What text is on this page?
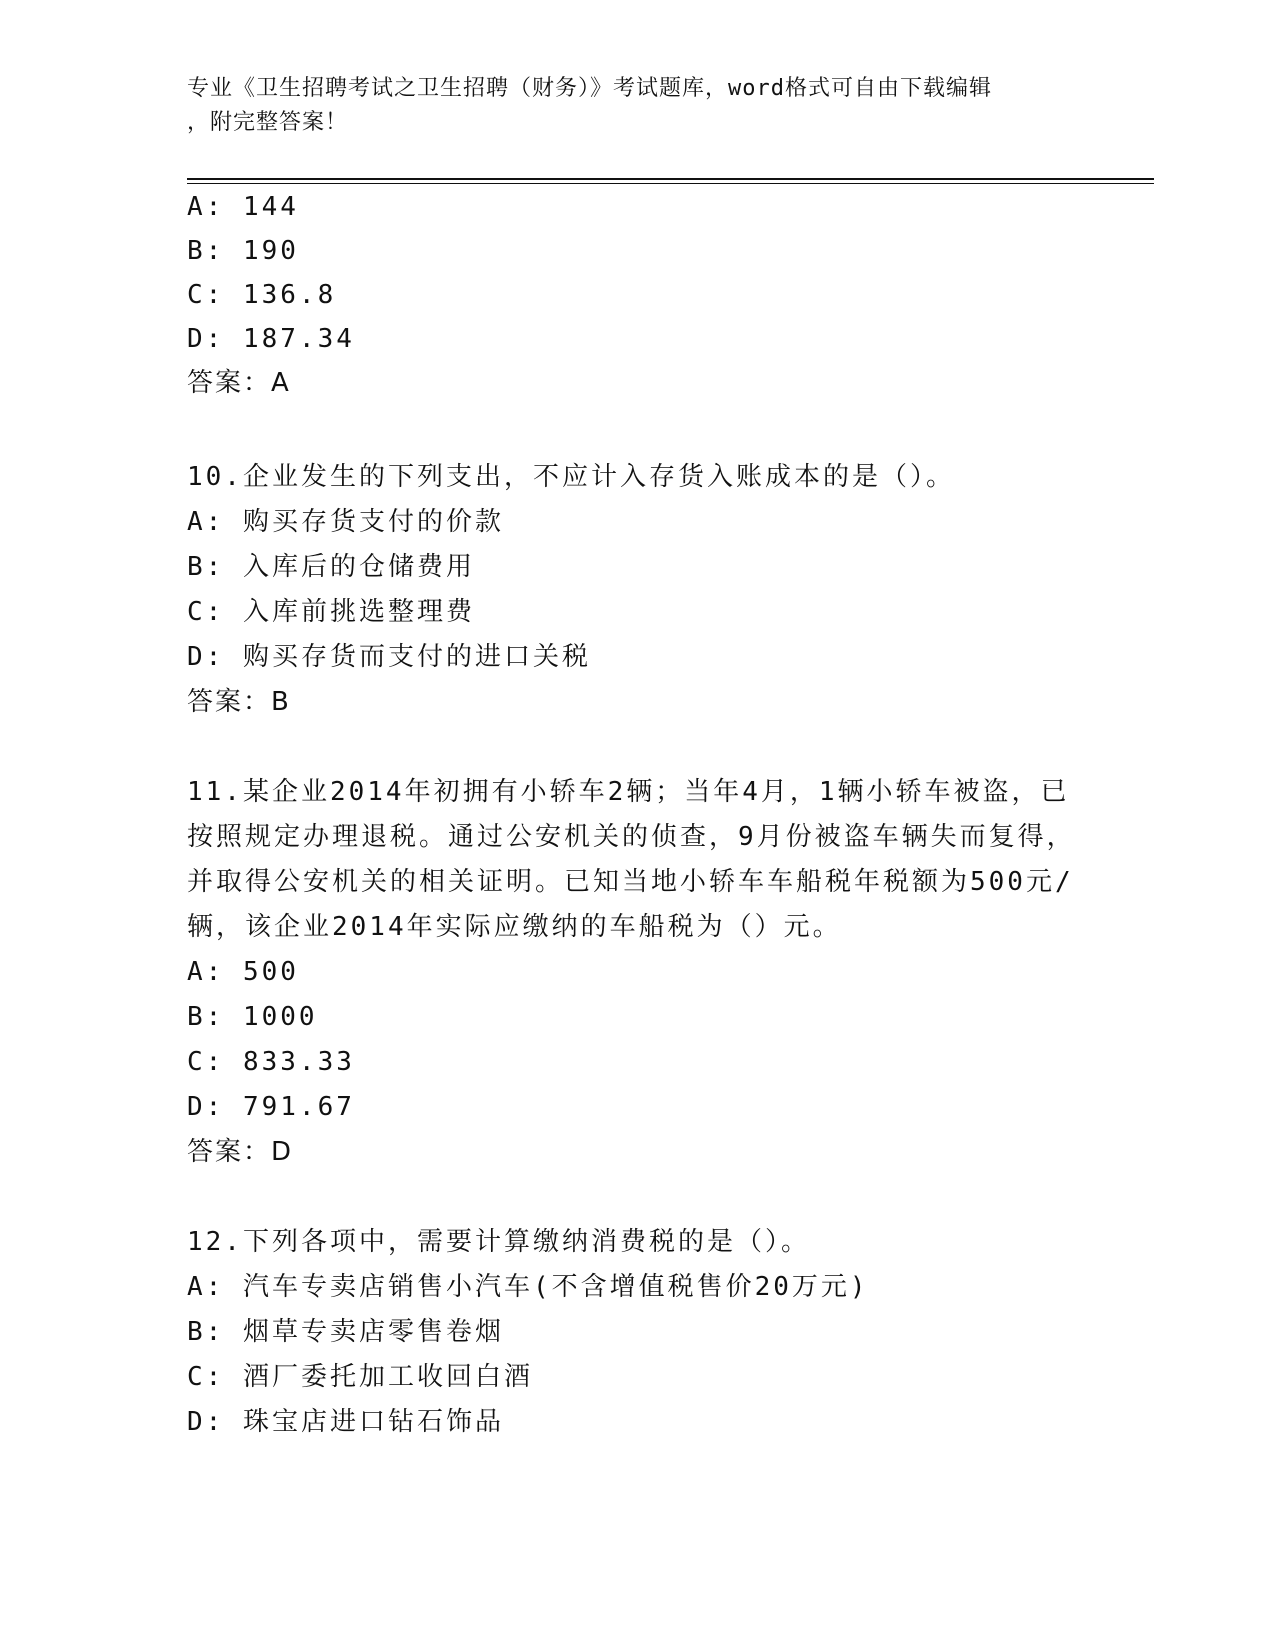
专业《卫生招聘考试之卫生招聘（财务）》考试题库，word格式可自由下载编辑
，附完整答案！
A: 144
B: 190
C: 136.8
D: 187.34
答案：A
10.企业发生的下列支出，不应计入存货入账成本的是（）。
A: 购买存货支付的价款
B: 入库后的仓储费用
C: 入库前挑选整理费
D: 购买存货而支付的进口关税
答案：B
11.某企业2014年初拥有小轿车2辆；当年4月，1辆小轿车被盗，已
按照规定办理退税。通过公安机关的侦查，9月份被盗车辆失而复得，
并取得公安机关的相关证明。已知当地小轿车车船税年税额为500元/
辆，该企业2014年实际应缴纳的车船税为（）元。
A: 500
B: 1000
C: 833.33
D: 791.67
答案：D
12.下列各项中，需要计算缴纳消费税的是（）。
A: 汽车专卖店销售小汽车(不含增值税售价20万元)
B: 烟草专卖店零售卷烟
C: 酒厂委托加工收回白酒
D: 珠宝店进口钻石饰品
